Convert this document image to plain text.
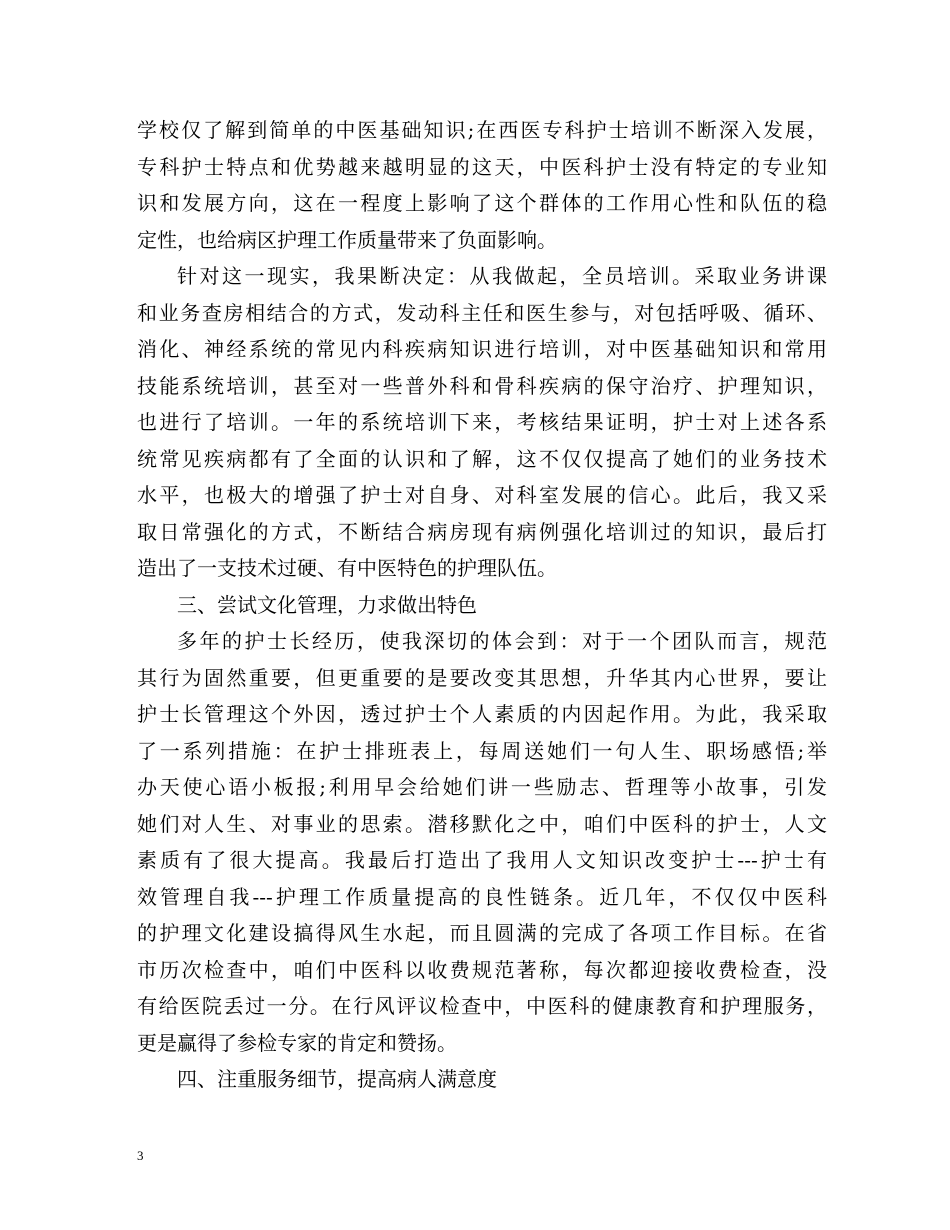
学校仅了解到简单的中医基础知识;在西医专科护士培训不断深入发展，
专科护士特点和优势越来越明显的这天，中医科护士没有特定的专业知
识和发展方向，这在一程度上影响了这个群体的工作用心性和队伍的稳
定性，也给病区护理工作质量带来了负面影响。
针对这一现实，我果断决定：从我做起，全员培训。采取业务讲课
和业务查房相结合的方式，发动科主任和医生参与，对包括呼吸、循环、
消化、神经系统的常见内科疾病知识进行培训，对中医基础知识和常用
技能系统培训，甚至对一些普外科和骨科疾病的保守治疗、护理知识，
也进行了培训。一年的系统培训下来，考核结果证明，护士对上述各系
统常见疾病都有了全面的认识和了解，这不仅仅提高了她们的业务技术
水平，也极大的增强了护士对自身、对科室发展的信心。此后，我又采
取日常强化的方式，不断结合病房现有病例强化培训过的知识，最后打
造出了一支技术过硬、有中医特色的护理队伍。
三、尝试文化管理，力求做出特色
多年的护士长经历，使我深切的体会到：对于一个团队而言，规范
其行为固然重要，但更重要的是要改变其思想，升华其内心世界，要让
护士长管理这个外因，透过护士个人素质的内因起作用。为此，我采取
了一系列措施：在护士排班表上，每周送她们一句人生、职场感悟;举
办天使心语小板报;利用早会给她们讲一些励志、哲理等小故事，引发
她们对人生、对事业的思索。潜移默化之中，咱们中医科的护士，人文
素质有了很大提高。我最后打造出了我用人文知识改变护士---护士有
效管理自我---护理工作质量提高的良性链条。近几年，不仅仅中医科
的护理文化建设搞得风生水起，而且圆满的完成了各项工作目标。在省
市历次检查中，咱们中医科以收费规范著称，每次都迎接收费检查，没
有给医院丢过一分。在行风评议检查中，中医科的健康教育和护理服务，
更是赢得了参检专家的肯定和赞扬。
四、注重服务细节，提高病人满意度
3
